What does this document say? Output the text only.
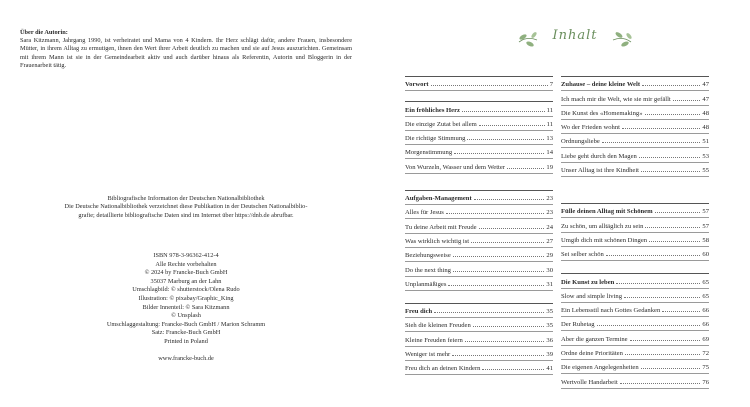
Über die Autorin:
Sara Kitzmann, Jahrgang 1990, ist verheiratet und Mama von 4 Kindern. Ihr Herz schlägt dafür, andere Frauen, insbesondere Mütter, in ihrem Alltag zu ermutigen, ihnen den Wert ihrer Arbeit deutlich zu machen und sie auf Jesus auszurichten. Gemeinsam mit ihrem Mann ist sie in der Gemeindearbeit aktiv und auch darüber hinaus als Referentin, Autorin und Bloggerin in der Frauenarbeit tätig.
Bibliografische Information der Deutschen Nationalbibliothek
Die Deutsche Nationalbibliothek verzeichnet diese Publikation in der Deutschen Nationalbiblio-
grafie; detaillierte bibliografische Daten sind im Internet über https://dnb.de abrufbar.
ISBN 978-3-96362-412-4
Alle Rechte vorbehalten
© 2024 by Francke-Buch GmbH
35037 Marburg an der Lahn
Umschlagbild: © shutterstock/Olena Rudo
Illustration: © pixabay/Graphic_King
Bilder Innenteil: © Sara Kitzmann
© Unsplash
Umschlaggestaltung: Francke-Buch GmbH / Marion Schramm
Satz: Francke-Buch GmbH
Printed in Poland
www.francke-buch.de
Inhalt
Vorwort	7
Ein fröhliches Herz	11
Die einzige Zutat bei allem	11
Die richtige Stimmung	13
Morgenstimmung	14
Von Wurzeln, Wasser und dem Wetter	19
Aufgaben-Management	23
Alles für Jesus	23
Tu deine Arbeit mit Freude	24
Was wirklich wichtig ist	27
Beziehungsweise	29
Do the next thing	30
Unplanmäßiges	31
Freu dich	35
Sieh die kleinen Freuden	35
Kleine Freuden feiern	36
Weniger ist mehr	39
Freu dich an deinen Kindern	41
Zuhause – deine kleine Welt	47
Ich mach mir die Welt, wie sie mir gefällt	47
Die Kunst des «Homemaking»	48
Wo der Frieden wohnt	48
Ordnungsliebe	51
Liebe geht durch den Magen	53
Unser Alltag ist ihre Kindheit	55
Fülle deinen Alltag mit Schönem	57
Zu schön, um alltäglich zu sein	57
Umgib dich mit schönen Dingen	58
Sei selber schön	60
Die Kunst zu leben	65
Slow and simple living	65
Ein Lebensstil nach Gottes Gedanken	66
Der Ruhetag	66
Aber die ganzen Termine	69
Ordne deine Prioritäten	72
Die eigenen Angelegenheiten	75
Wertvolle Handarbeit	76
